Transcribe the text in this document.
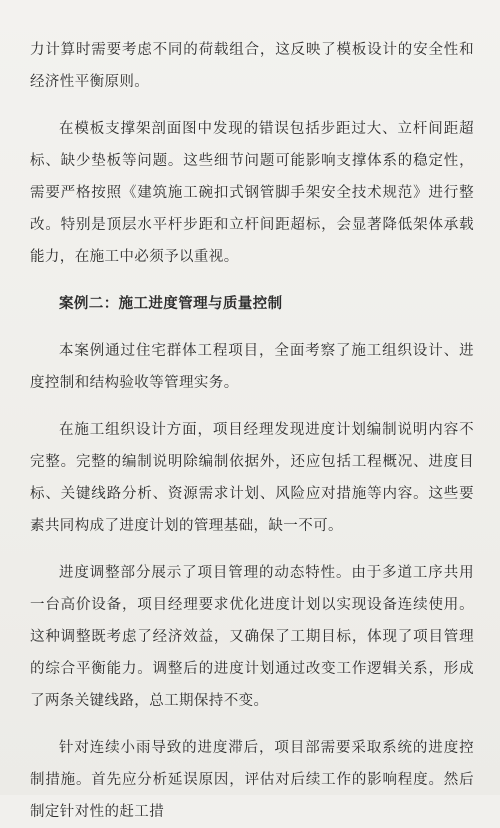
力计算时需要考虑不同的荷载组合，这反映了模板设计的安全性和经济性平衡原则。

在模板支撑架剖面图中发现的错误包括步距过大、立杆间距超标、缺少垫板等问题。这些细节问题可能影响支撑体系的稳定性，需要严格按照《建筑施工碗扣式钢管脚手架安全技术规范》进行整改。特别是顶层水平杆步距和立杆间距超标，会显著降低架体承载能力，在施工中必须予以重视。

案例二：施工进度管理与质量控制

本案例通过住宅群体工程项目，全面考察了施工组织设计、进度控制和结构验收等管理实务。

在施工组织设计方面，项目经理发现进度计划编制说明内容不完整。完整的编制说明除编制依据外，还应包括工程概况、进度目标、关键线路分析、资源需求计划、风险应对措施等内容。这些要素共同构成了进度计划的管理基础，缺一不可。

进度调整部分展示了项目管理的动态特性。由于多道工序共用一台高价设备，项目经理要求优化进度计划以实现设备连续使用。这种调整既考虑了经济效益，又确保了工期目标，体现了项目管理的综合平衡能力。调整后的进度计划通过改变工作逻辑关系，形成了两条关键线路，总工期保持不变。

针对连续小雨导致的进度滞后，项目部需要采取系统的进度控制措施。首先应分析延误原因，评估对后续工作的影响程度。然后制定针对性的赶工措
